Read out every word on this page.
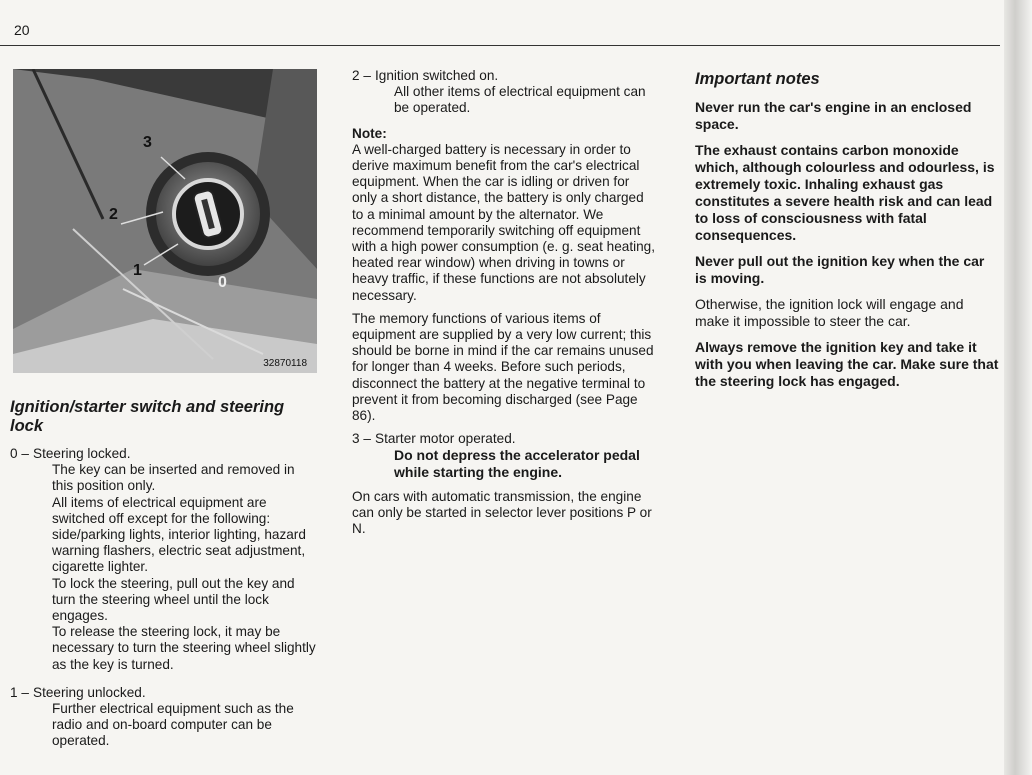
20
3
2
1
0
32870118
Ignition/starter switch and steering lock
0 – Steering locked.

The key can be inserted and removed in this position only.

All items of electrical equipment are switched off except for the following: side/parking lights, interior lighting, hazard warning flashers, electric seat adjustment, cigarette lighter.

To lock the steering, pull out the key and turn the steering wheel until the lock engages.

To release the steering lock, it may be necessary to turn the steering wheel slightly as the key is turned.

1 – Steering unlocked.

Further electrical equipment such as the radio and on-board computer can be operated.

2 – Ignition switched on.

All other items of electrical equipment can be operated.

Note:

A well-charged battery is necessary in order to derive maximum benefit from the car's electrical equipment. When the car is idling or driven for only a short distance, the battery is only charged to a minimal amount by the alternator. We recommend temporarily switching off equipment with a high power consumption (e. g. seat heating, heated rear window) when driving in towns or heavy traffic, if these functions are not absolutely necessary.

The memory functions of various items of equipment are supplied by a very low current; this should be borne in mind if the car remains unused for longer than 4 weeks. Before such periods, disconnect the battery at the negative terminal to prevent it from becoming discharged (see Page 86).

3 – Starter motor operated.

Do not depress the accelerator pedal while starting the engine.

On cars with automatic transmission, the engine can only be started in selector lever positions P or N.

Important notes

Never run the car's engine in an enclosed space.

The exhaust contains carbon monoxide which, although colourless and odourless, is extremely toxic. Inhaling exhaust gas constitutes a severe health risk and can lead to loss of consciousness with fatal consequences.

Never pull out the ignition key when the car is moving.

Otherwise, the ignition lock will engage and make it impossible to steer the car.

Always remove the ignition key and take it with you when leaving the car. Make sure that the steering lock has engaged.
